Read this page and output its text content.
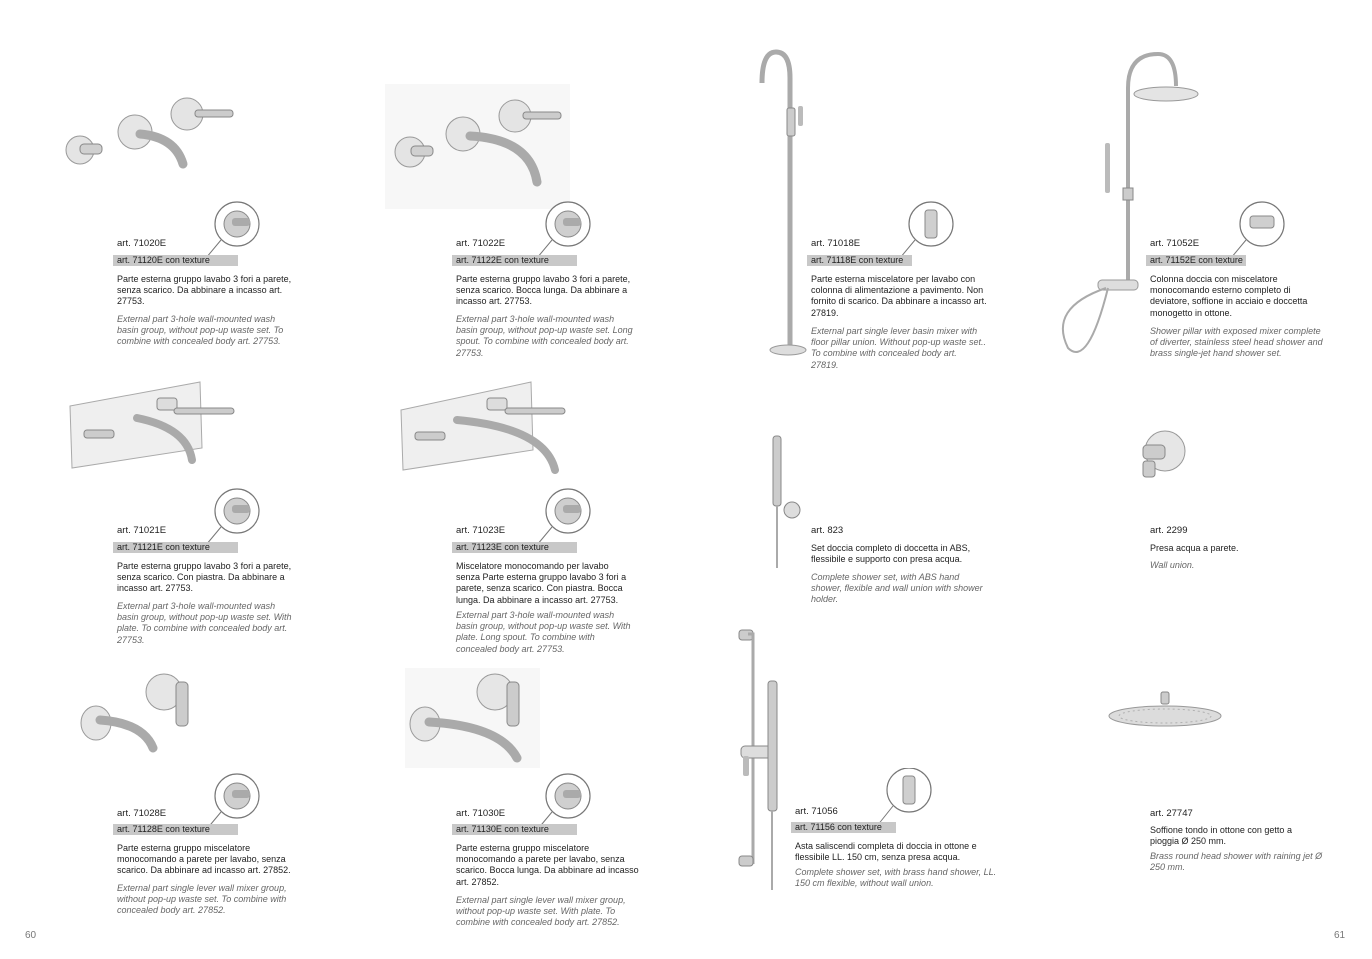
60	61
art. 71020E
art. 71120E con texture
Parte esterna gruppo lavabo 3 fori a parete, senza scarico. Da abbinare a incasso art. 27753.
External part 3-hole wall-mounted wash basin group, without pop-up waste set. To combine with concealed body art. 27753.
art. 71022E
art. 71122E con texture
Parte esterna gruppo lavabo 3 fori a parete, senza scarico. Bocca lunga. Da abbinare a incasso art. 27753.
External part 3-hole wall-mounted wash basin group, without pop-up waste set. Long spout. To combine with concealed body art. 27753.
art. 71018E
art. 71118E con texture
Parte esterna miscelatore per lavabo con colonna di alimentazione a pavimento. Non fornito di scarico. Da abbinare a incasso art. 27819.
External part single lever basin mixer with floor pillar union. Without pop-up waste set.. To combine with concealed body art. 27819.
art. 71052E
art. 71152E con texture
Colonna doccia con miscelatore monocomando esterno completo di deviatore, soffione in acciaio e doccetta monogetto in ottone.
Shower pillar with exposed mixer complete of diverter, stainless steel head shower and brass single-jet hand shower set.
art. 71021E
art. 71121E con texture
Parte esterna gruppo lavabo 3 fori a parete, senza scarico. Con piastra. Da abbinare a incasso art. 27753.
External part 3-hole wall-mounted wash basin group, without pop-up waste set. With plate. To combine with concealed body art. 27753.
art. 71023E
art. 71123E con texture
Miscelatore monocomando per lavabo senza Parte esterna gruppo lavabo 3 fori a parete, senza scarico. Con piastra. Bocca lunga. Da abbinare a incasso art. 27753.
External part 3-hole wall-mounted wash basin group, without pop-up waste set. With plate. Long spout. To combine with concealed body art. 27753.
art. 823
Set doccia completo di doccetta in ABS, flessibile e supporto con presa acqua.
Complete shower set, with ABS hand shower, flexible and wall union with shower holder.
art. 2299
Presa acqua a parete.
Wall union.
art. 71028E
art. 71128E con texture
Parte esterna gruppo miscelatore monocomando a parete per lavabo, senza scarico. Da abbinare ad incasso art. 27852.
External part single lever wall mixer group, without pop-up waste set. To combine with concealed body art. 27852.
art. 71030E
art. 71130E con texture
Parte esterna gruppo miscelatore monocomando a parete per lavabo, senza scarico. Bocca lunga. Da abbinare ad incasso art. 27852.
External part single lever wall mixer group, without pop-up waste set. With plate. To combine with concealed body art. 27852.
art. 71056
art. 71156 con texture
Asta saliscendi completa di doccia in ottone e flessibile LL. 150 cm, senza presa acqua.
Complete shower set, with brass hand shower, LL. 150 cm flexible, without wall union.
art. 27747
Soffione tondo in ottone con getto a pioggia Ø 250 mm.
Brass round head shower with raining jet Ø 250 mm.
